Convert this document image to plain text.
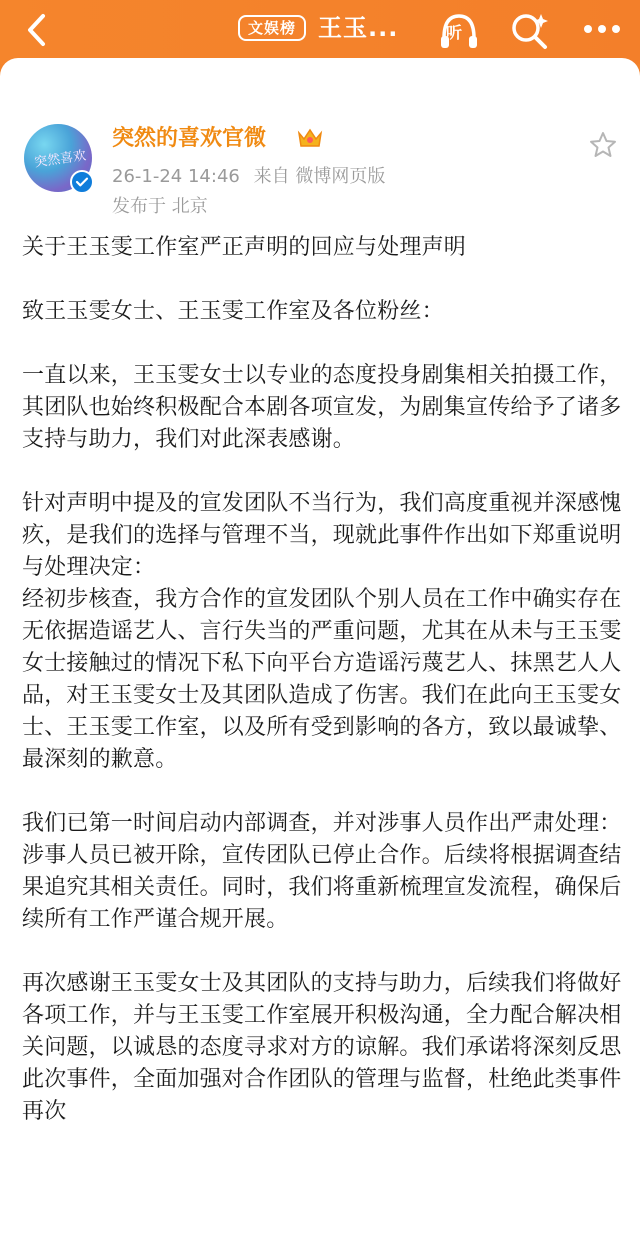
文娱榜 王玉...	听
突然喜欢
突然的喜欢官微
26-1-24 14:46 来自 微博网页版
发布于 北京

关于王玉雯工作室严正声明的回应与处理声明

致王玉雯女士、王玉雯工作室及各位粉丝：

一直以来，王玉雯女士以专业的态度投身剧集相关拍摄工作，其团队也始终积极配合本剧各项宣发，为剧集宣传给予了诸多支持与助力，我们对此深表感谢。

针对声明中提及的宣发团队不当行为，我们高度重视并深感愧疚，是我们的选择与管理不当，现就此事件作出如下郑重说明与处理决定：

经初步核查，我方合作的宣发团队个别人员在工作中确实存在无依据造谣艺人、言行失当的严重问题，尤其在从未与王玉雯女士接触过的情况下私下向平台方造谣污蔑艺人、抹黑艺人人品，对王玉雯女士及其团队造成了伤害。我们在此向王玉雯女士、王玉雯工作室，以及所有受到影响的各方，致以最诚挚、最深刻的歉意。

我们已第一时间启动内部调查，并对涉事人员作出严肃处理：涉事人员已被开除，宣传团队已停止合作。后续将根据调查结果追究其相关责任。同时，我们将重新梳理宣发流程，确保后续所有工作严谨合规开展。

再次感谢王玉雯女士及其团队的支持与助力，后续我们将做好各项工作，并与王玉雯工作室展开积极沟通，全力配合解决相关问题，以诚恳的态度寻求对方的谅解。我们承诺将深刻反思此次事件，全面加强对合作团队的管理与监督，杜绝此类事件再次
